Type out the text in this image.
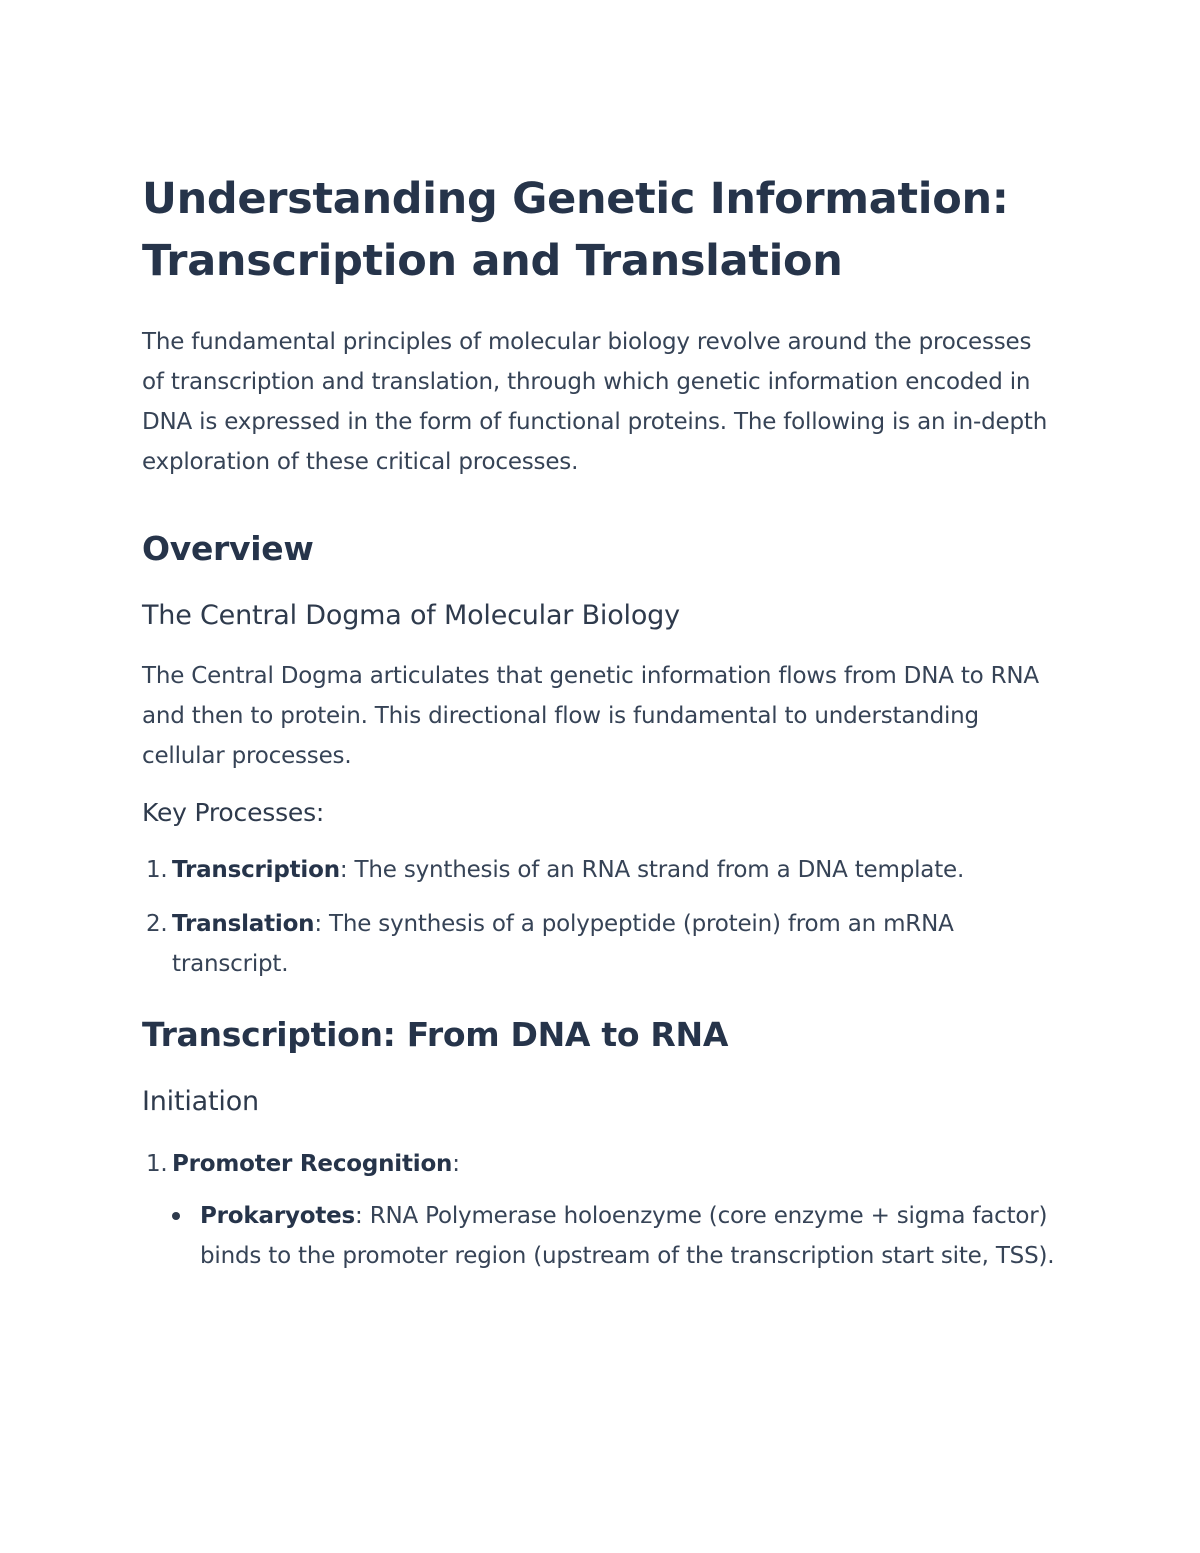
Understanding Genetic Information: Transcription and Translation

The fundamental principles of molecular biology revolve around the processes of transcription and translation, through which genetic information encoded in DNA is expressed in the form of functional proteins. The following is an in-depth exploration of these critical processes.

Overview
The Central Dogma of Molecular Biology

The Central Dogma articulates that genetic information flows from DNA to RNA and then to protein. This directional flow is fundamental to understanding cellular processes.

Key Processes:
1. Transcription: The synthesis of an RNA strand from a DNA template.
2. Translation: The synthesis of a polypeptide (protein) from an mRNA transcript.
Transcription: From DNA to RNA
Initiation
1. Promoter Recognition:
Prokaryotes: RNA Polymerase holoenzyme (core enzyme + sigma factor) binds to the promoter region (upstream of the transcription start site, TSS).
